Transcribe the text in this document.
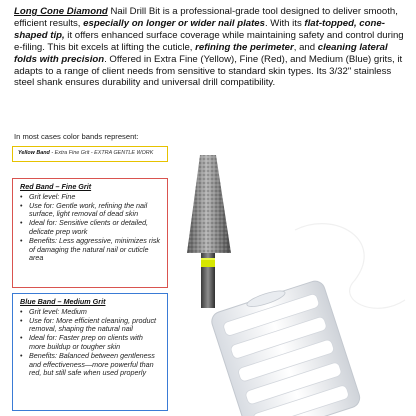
Long Cone Diamond Nail Drill Bit is a professional-grade tool designed to deliver smooth, efficient results, especially on longer or wider nail plates. With its flat-topped, cone-shaped tip, it offers enhanced surface coverage while maintaining safety and control during e-filing. This bit excels at lifting the cuticle, refining the perimeter, and cleaning lateral folds with precision. Offered in Extra Fine (Yellow), Fine (Red), and Medium (Blue) grits, it adapts to a range of client needs from sensitive to standard skin types. Its 3/32" stainless steel shank ensures durability and universal drill compatibility.
In most cases color bands represent:
Yellow Band - Extra Fine Grit - EXTRA GENTLE WORK
Red Band – Fine Grit
• Grit level: Fine
• Use for: Gentle work, refining the nail surface, light removal of dead skin
• Ideal for: Sensitive clients or detailed, delicate prep work
• Benefits: Less aggressive, minimizes risk of damaging the natural nail or cuticle area
Blue Band – Medium Grit
• Grit level: Medium
• Use for: More efficient cleaning, product removal, shaping the natural nail
• Ideal for: Faster prep on clients with more buildup or tougher skin
• Benefits: Balanced between gentleness and effectiveness—more powerful than red, but still safe when used properly
